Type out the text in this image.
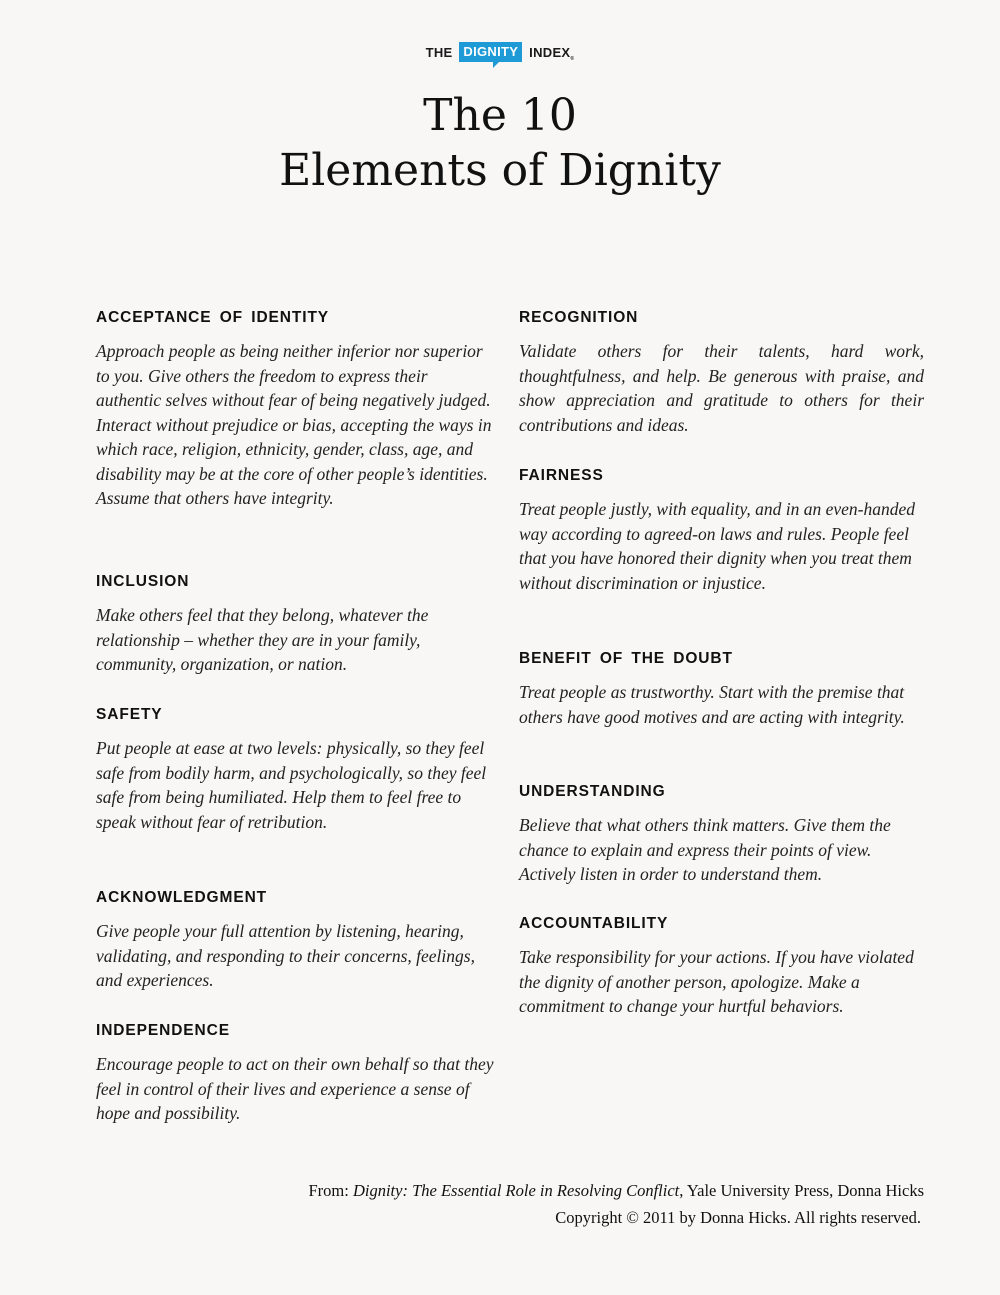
THE DIGNITY INDEX®
The 10
Elements of Dignity
ACCEPTANCE OF IDENTITY

Approach people as being neither inferior nor superior to you. Give others the freedom to express their authentic selves without fear of being negatively judged. Interact without prejudice or bias, accepting the ways in which race, religion, ethnicity, gender, class, age, and disability may be at the core of other people’s identities. Assume that others have integrity.

INCLUSION

Make others feel that they belong, whatever the relationship – whether they are in your family, community, organization, or nation.

SAFETY

Put people at ease at two levels: physically, so they feel safe from bodily harm, and psychologically, so they feel safe from being humiliated. Help them to feel free to speak without fear of retribution.

ACKNOWLEDGMENT

Give people your full attention by listening, hearing, validating, and responding to their concerns, feelings, and experiences.

INDEPENDENCE

Encourage people to act on their own behalf so that they feel in control of their lives and experience a sense of hope and possibility.

RECOGNITION

Validate others for their talents, hard work, thoughtfulness, and help. Be generous with praise, and show appreciation and gratitude to others for their contributions and ideas.

FAIRNESS

Treat people justly, with equality, and in an even-handed way according to agreed-on laws and rules. People feel that you have honored their dignity when you treat them without discrimination or injustice.

BENEFIT OF THE DOUBT

Treat people as trustworthy. Start with the premise that others have good motives and are acting with integrity.

UNDERSTANDING

Believe that what others think matters. Give them the chance to explain and express their points of view. Actively listen in order to understand them.

ACCOUNTABILITY

Take responsibility for your actions. If you have violated the dignity of another person, apologize. Make a commitment to change your hurtful behaviors.

From: Dignity: The Essential Role in Resolving Conflict, Yale University Press, Donna Hicks
Copyright © 2011 by Donna Hicks. All rights reserved.
